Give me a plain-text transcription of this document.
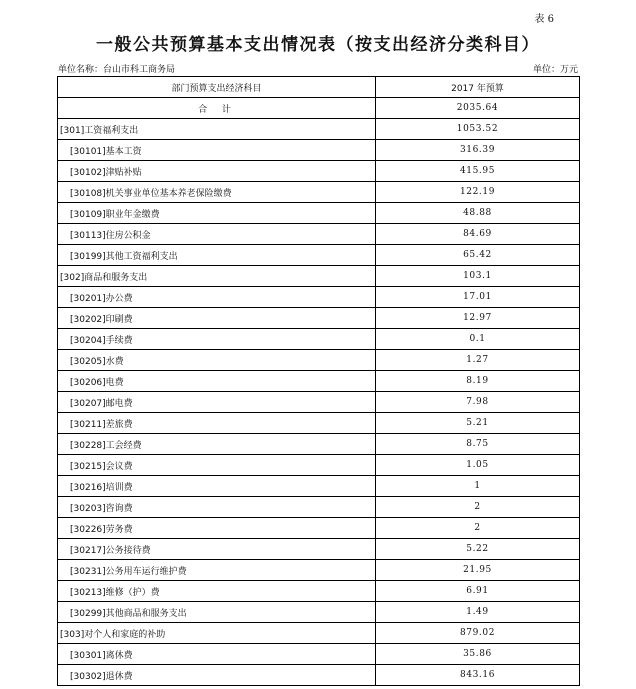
表 6
一般公共预算基本支出情况表（按支出经济分类科目）
单位名称：台山市科工商务局	单位：万元
部门预算支出经济科目	2017 年预算
合 计	2035.64
[301]工资福利支出	1053.52
[30101]基本工资	316.39
[30102]津贴补贴	415.95
[30108]机关事业单位基本养老保险缴费	122.19
[30109]职业年金缴费	48.88
[30113]住房公积金	84.69
[30199]其他工资福利支出	65.42
[302]商品和服务支出	103.1
[30201]办公费	17.01
[30202]印刷费	12.97
[30204]手续费	0.1
[30205]水费	1.27
[30206]电费	8.19
[30207]邮电费	7.98
[30211]差旅费	5.21
[30228]工会经费	8.75
[30215]会议费	1.05
[30216]培训费	1
[30203]咨询费	2
[30226]劳务费	2
[30217]公务接待费	5.22
[30231]公务用车运行维护费	21.95
[30213]维修（护）费	6.91
[30299]其他商品和服务支出	1.49
[303]对个人和家庭的补助	879.02
[30301]离休费	35.86
[30302]退休费	843.16
